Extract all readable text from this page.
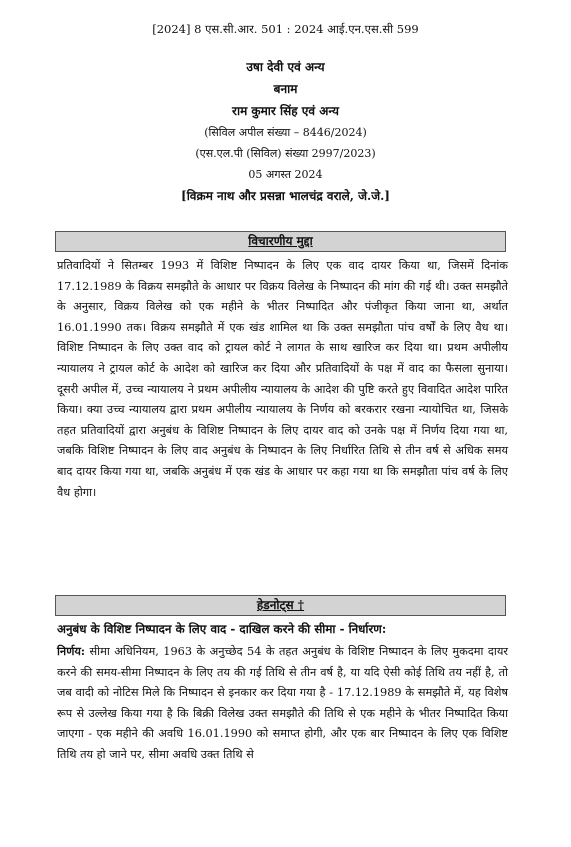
[2024] 8 एस.सी.आर. 501 : 2024 आई.एन.एस.सी 599
उषा देवी एवं अन्य
बनाम
राम कुमार सिंह एवं अन्य
(सिविल अपील संख्या – 8446/2024)
(एस.एल.पी (सिविल) संख्या 2997/2023)
05 अगस्त 2024
[विक्रम नाथ और प्रसन्ना भालचंद्र वराले, जे.जे.]
विचारणीय मुद्दा
प्रतिवादियों ने सितम्बर 1993 में विशिष्ट निष्पादन के लिए एक वाद दायर किया था, जिसमें दिनांक 17.12.1989 के विक्रय समझौते के आधार पर विक्रय विलेख के निष्पादन की मांग की गई थी। उक्त समझौते के अनुसार, विक्रय विलेख को एक महीने के भीतर निष्पादित और पंजीकृत किया जाना था, अर्थात 16.01.1990 तक। विक्रय समझौते में एक खंड शामिल था कि उक्त समझौता पांच वर्षों के लिए वैध था। विशिष्ट निष्पादन के लिए उक्त वाद को ट्रायल कोर्ट ने लागत के साथ खारिज कर दिया था। प्रथम अपीलीय न्यायालय ने ट्रायल कोर्ट के आदेश को खारिज कर दिया और प्रतिवादियों के पक्ष में वाद का फैसला सुनाया। दूसरी अपील में, उच्च न्यायालय ने प्रथम अपीलीय न्यायालय के आदेश की पुष्टि करते हुए विवादित आदेश पारित किया। क्या उच्च न्यायालय द्वारा प्रथम अपीलीय न्यायालय के निर्णय को बरकरार रखना न्यायोचित था, जिसके तहत प्रतिवादियों द्वारा अनुबंध के विशिष्ट निष्पादन के लिए दायर वाद को उनके पक्ष में निर्णय दिया गया था, जबकि विशिष्ट निष्पादन के लिए वाद अनुबंध के निष्पादन के लिए निर्धारित तिथि से तीन वर्ष से अधिक समय बाद दायर किया गया था, जबकि अनुबंध में एक खंड के आधार पर कहा गया था कि समझौता पांच वर्ष के लिए वैध होगा।
हेडनोट्स †
अनुबंध के विशिष्ट निष्पादन के लिए वाद - दाखिल करने की सीमा - निर्धारण:
निर्णय: सीमा अधिनियम, 1963 के अनुच्छेद 54 के तहत अनुबंध के विशिष्ट निष्पादन के लिए मुकदमा दायर करने की समय-सीमा निष्पादन के लिए तय की गई तिथि से तीन वर्ष है, या यदि ऐसी कोई तिथि तय नहीं है, तो जब वादी को नोटिस मिले कि निष्पादन से इनकार कर दिया गया है - 17.12.1989 के समझौते में, यह विशेष रूप से उल्लेख किया गया है कि बिक्री विलेख उक्त समझौते की तिथि से एक महीने के भीतर निष्पादित किया जाएगा - एक महीने की अवधि 16.01.1990 को समाप्त होगी, और एक बार निष्पादन के लिए एक विशिष्ट तिथि तय हो जाने पर, सीमा अवधि उक्त तिथि से
